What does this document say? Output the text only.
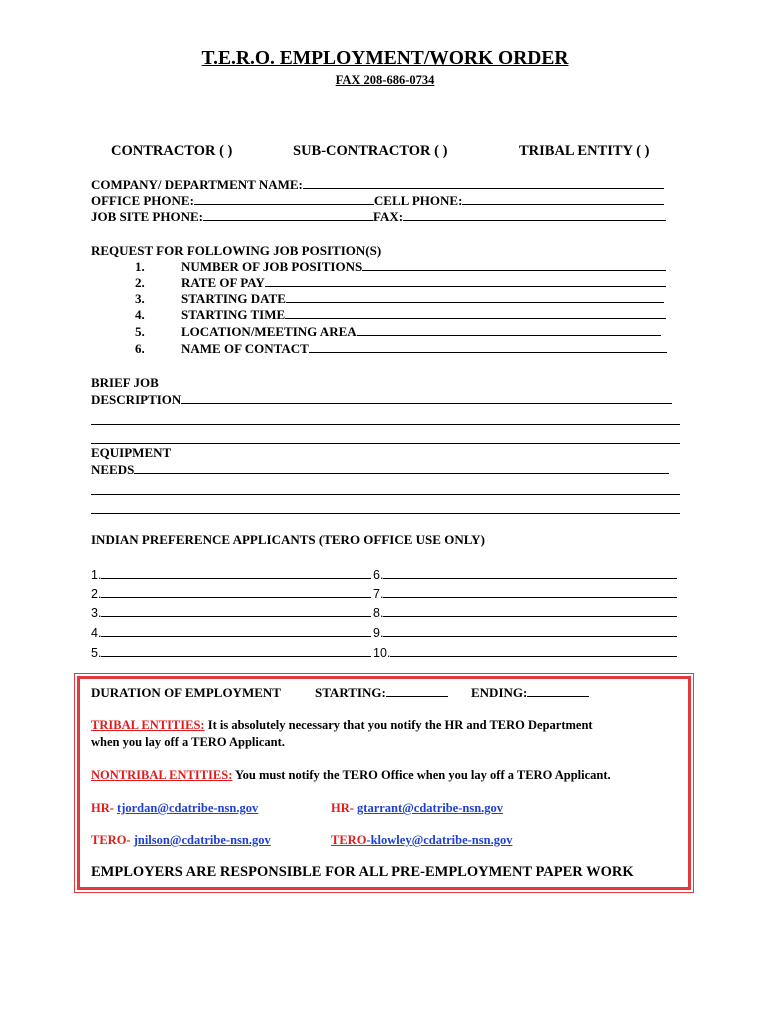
T.E.R.O. EMPLOYMENT/WORK ORDER
FAX 208-686-0734
CONTRACTOR ( )	SUB-CONTRACTOR ( )	TRIBAL ENTITY ( )
COMPANY/ DEPARTMENT NAME:
OFFICE PHONE:	CELL PHONE:
JOB SITE PHONE:	FAX:
REQUEST FOR FOLLOWING JOB POSITION(S)
1.	NUMBER OF JOB POSITIONS
2.	RATE OF PAY
3.	STARTING DATE
4.	STARTING TIME
5.	LOCATION/MEETING AREA
6.	NAME OF CONTACT
BRIEF JOB
DESCRIPTION
EQUIPMENT
NEEDS
INDIAN PREFERENCE APPLICANTS (TERO OFFICE USE ONLY)
1.
2.
3.
4.
5.
6.
7.
8.
9.
10.
DURATION OF EMPLOYMENT	STARTING:	ENDING:
TRIBAL ENTITIES: It is absolutely necessary that you notify the HR and TERO Department
when you lay off a TERO Applicant.
NONTRIBAL ENTITIES: You must notify the TERO Office when you lay off a TERO Applicant.
HR- tjordan@cdatribe-nsn.gov	HR- gtarrant@cdatribe-nsn.gov
TERO- jnilson@cdatribe-nsn.gov	TERO-klowley@cdatribe-nsn.gov
EMPLOYERS ARE RESPONSIBLE FOR ALL PRE-EMPLOYMENT PAPER WORK
